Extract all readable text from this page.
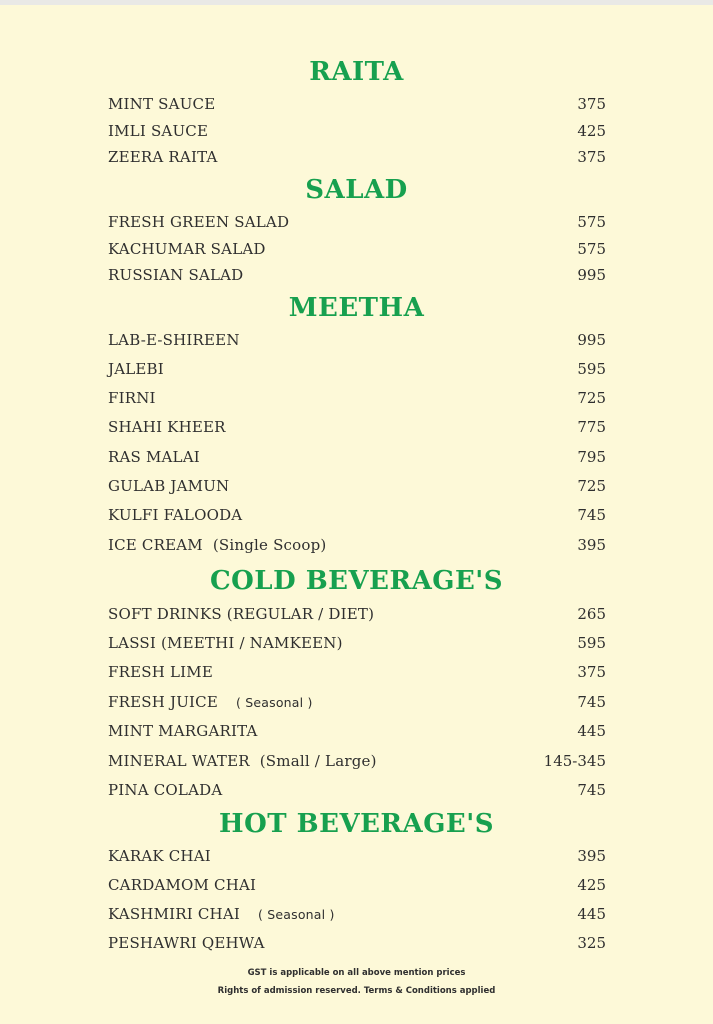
RAITA
SALAD
MEETHA
COLD BEVERAGE'S
HOT BEVERAGE'S
MINT SAUCE	375
IMLI SAUCE	425
ZEERA RAITA	375
FRESH GREEN SALAD	575
KACHUMAR SALAD	575
RUSSIAN SALAD	995
LAB-E-SHIREEN	995
JALEBI	595
FIRNI	725
SHAHI KHEER	775
RAS MALAI	795
GULAB JAMUN	725
KULFI FALOODA	745
ICE CREAM (Single Scoop)	395
SOFT DRINKS (REGULAR / DIET)	265
LASSI (MEETHI / NAMKEEN)	595
FRESH LIME	375
FRESH JUICE ( Seasonal )	745
MINT MARGARITA	445
MINERAL WATER (Small / Large)	145-345
PINA COLADA	745
KARAK CHAI	395
CARDAMOM CHAI	425
KASHMIRI CHAI ( Seasonal )	445
PESHAWRI QEHWA	325
GST is applicable on all above mention prices
Rights of admission reserved. Terms & Conditions applied
